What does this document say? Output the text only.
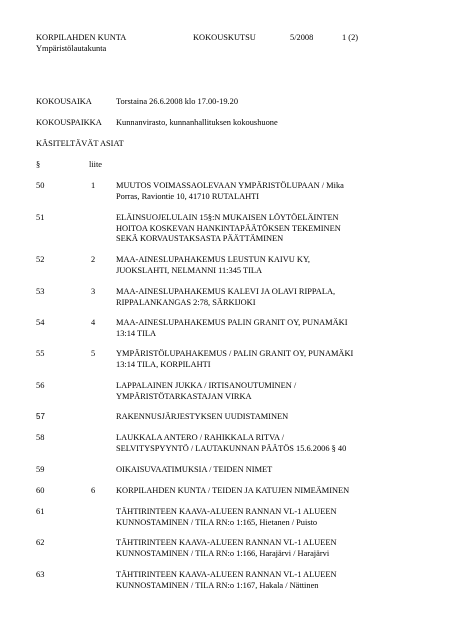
KORPILAHDEN KUNTA	KOKOUSKUTSU	5/2008	1 (2)
Ympäristölautakunta
KOKOUSAIKA	Torstaina 26.6.2008 klo 17.00-19.20
KOKOUSPAIKKA Kunnanvirasto, kunnanhallituksen kokoushuone
KÄSITELTÄVÄT ASIAT
§	liite
50	1 MUUTOS VOIMASSAOLEVAAN YMPÄRISTÖLUPAAN / Mika
Porras, Raviontie 10, 41710 RUTALAHTI
51	ELÄINSUOJELULAIN 15§:N MUKAISEN LÖYTÖELÄINTEN
HOITOA KOSKEVAN HANKINTAPÄÄTÖKSEN TEKEMINEN
SEKÄ KORVAUSTAKSASTA PÄÄTTÄMINEN
52	2 MAA-AINESLUPAHAKEMUS LEUSTUN KAIVU KY,
JUOKSLAHTI, NELMANNI 11:345 TILA
53	3 MAA-AINESLUPAHAKEMUS KALEVI JA OLAVI RIPPALA,
RIPPALANKANGAS 2:78, SÄRKIJOKI
54	4 MAA-AINESLUPAHAKEMUS PALIN GRANIT OY, PUNAMÄKI
13:14 TILA
55	5 YMPÄRISTÖLUPAHAKEMUS / PALIN GRANIT OY, PUNAMÄKI
13:14 TILA, KORPILAHTI
56	LAPPALAINEN JUKKA / IRTISANOUTUMINEN /
YMPÄRISTÖTARKASTAJAN VIRKA
57	RAKENNUSJÄRJESTYKSEN UUDISTAMINEN
58	LAUKKALA ANTERO / RAHIKKALA RITVA /
SELVITYSPYYNTÖ / LAUTAKUNNAN PÄÄTÖS 15.6.2006 § 40
59	OIKAISUVAATIMUKSIA / TEIDEN NIMET
60	6 KORPILAHDEN KUNTA / TEIDEN JA KATUJEN NIMEÄMINEN
61	TÄHTIRINTEEN KAAVA-ALUEEN RANNAN VL-1 ALUEEN
KUNNOSTAMINEN / TILA RN:o 1:165, Hietanen / Puisto
62	TÄHTIRINTEEN KAAVA-ALUEEN RANNAN VL-1 ALUEEN
KUNNOSTAMINEN / TILA RN:o 1:166, Harajärvi / Harajärvi
63	TÄHTIRINTEEN KAAVA-ALUEEN RANNAN VL-1 ALUEEN
KUNNOSTAMINEN / TILA RN:o 1:167, Hakala / Nättinen
